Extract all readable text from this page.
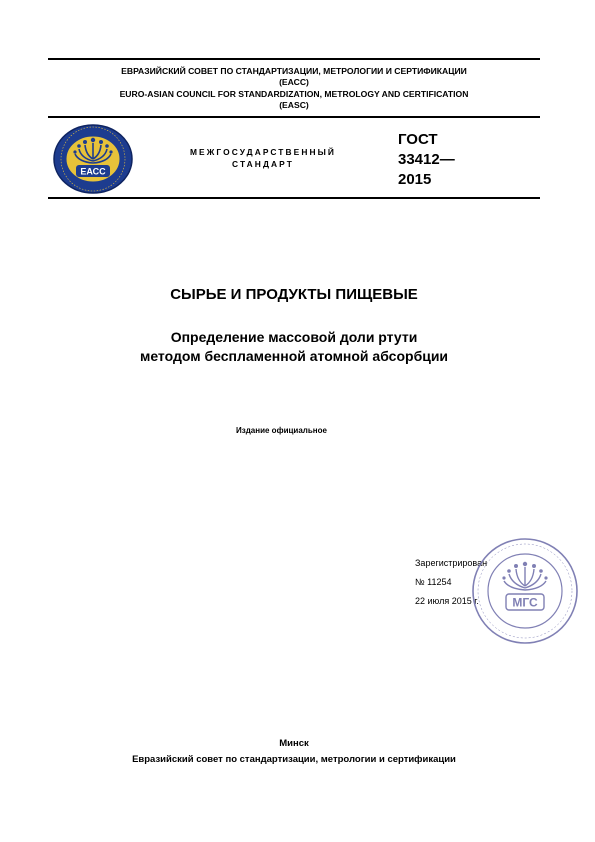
ЕВРАЗИЙСКИЙ СОВЕТ ПО СТАНДАРТИЗАЦИИ, МЕТРОЛОГИИ И СЕРТИФИКАЦИИ
(ЕАСС)
EURO-ASIAN COUNCIL FOR STANDARDIZATION, METROLOGY AND CERTIFICATION
(EASC)
ЕАСС
МЕЖГОСУДАРСТВЕННЫЙ
СТАНДАРТ
ГОСТ
33412—
2015
СЫРЬЕ И ПРОДУКТЫ ПИЩЕВЫЕ
Определение массовой доли ртути
методом беспламенной атомной абсорбции
Издание официальное
Зарегистрирован
№ 11254
22 июля 2015 г.	МГС
Минск
Евразийский совет по стандартизации, метрологии и сертификации
